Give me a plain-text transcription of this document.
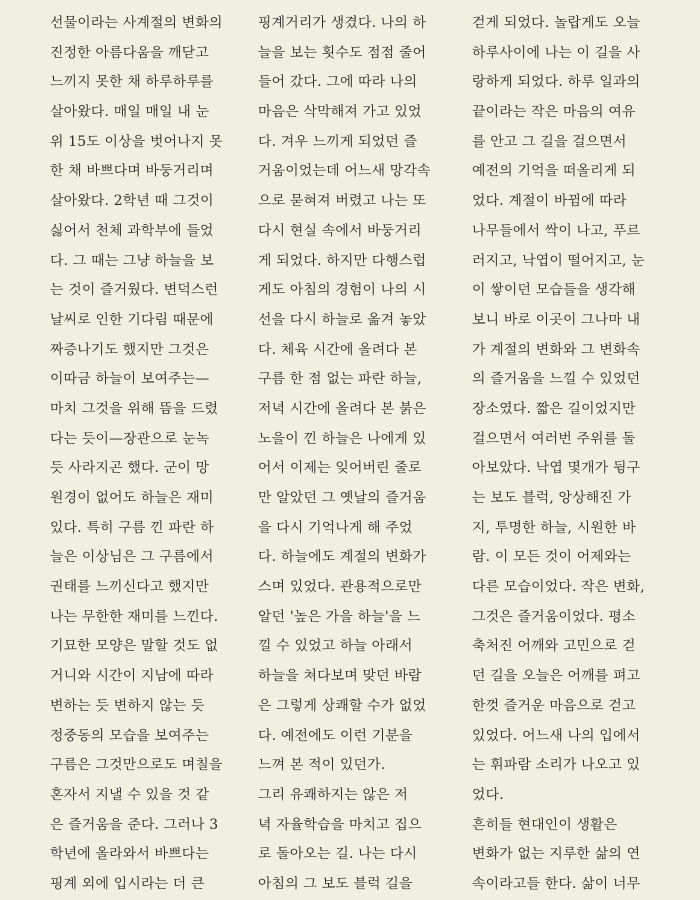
선물이라는 사계절의 변화의
진정한 아름다움을 깨닫고
느끼지 못한 채 하루하루를
살아왔다. 매일 매일 내 눈
위 15도 이상을 벗어나지 못
한 채 바쁘다며 바둥거리며
살아왔다. 2학년 때 그것이
싫어서 천체 과학부에 들었
다. 그 때는 그냥 하늘을 보
는 것이 즐거웠다. 변덕스런
날씨로 인한 기다림 때문에
짜증나기도 했지만 그것은
이따금 하늘이 보여주는—
마치 그것을 위해 뜸을 드렸
다는 듯이—장관으로 눈녹
듯 사라지곤 했다. 군이 망
원경이 없어도 하늘은 재미
있다. 특히 구름 낀 파란 하
늘은 이상님은 그 구름에서
권태를 느끼신다고 했지만
나는 무한한 재미를 느낀다.
기묘한 모양은 말할 것도 없
거니와 시간이 지남에 따라
변하는 듯 변하지 않는 듯
정중동의 모습을 보여주는
구름은 그것만으로도 며칠을
혼자서 지낼 수 있을 것 같
은 즐거움을 준다. 그러나 3
학년에 올라와서 바쁘다는
핑계 외에 입시라는 더 큰
핑계거리가 생겼다. 나의 하
늘을 보는 횟수도 점점 줄어
들어 갔다. 그에 따라 나의
마음은 삭막해져 가고 있었
다. 겨우 느끼게 되었던 즐
거움이었는데 어느새 망각속
으로 묻혀져 버렸고 나는 또
다시 현실 속에서 바둥거리
게 되었다. 하지만 다행스럽
게도 아침의 경험이 나의 시
선을 다시 하늘로 옮겨 놓았
다. 체육 시간에 올려다 본
구름 한 점 없는 파란 하늘,
저녁 시간에 올려다 본 붉은
노을이 낀 하늘은 나에게 있
어서 이제는 잊어버린 줄로
만 알았던 그 옛날의 즐거움
을 다시 기억나게 해 주었
다. 하늘에도 계절의 변화가
스며 있었다. 관용적으로만
알던 '높은 가을 하늘'을 느
낄 수 있었고 하늘 아래서
하늘을 쳐다보며 맞던 바람
은 그렇게 상쾌할 수가 없었
다. 예전에도 이런 기분을
느껴 본 적이 있던가.
그리 유쾌하지는 않은 저
녁 자율학습을 마치고 집으
로 돌아오는 길. 나는 다시
아침의 그 보도 블럭 길을
걷게 되었다. 놀랍게도 오늘
하루사이에 나는 이 길을 사
랑하게 되었다. 하루 일과의
끝이라는 작은 마음의 여유
를 안고 그 길을 걸으면서
예전의 기억을 떠올리게 되
었다. 계절이 바뀜에 따라
나무들에서 싹이 나고, 푸르
러지고, 낙엽이 떨어지고, 눈
이 쌓이던 모습들을 생각해
보니 바로 이곳이 그나마 내
가 계절의 변화와 그 변화속
의 즐거움을 느낄 수 있었던
장소였다. 짧은 길이었지만
걸으면서 여러번 주위를 돌
아보았다. 낙엽 몇개가 뒹구
는 보도 블럭, 앙상해진 가
지, 투명한 하늘, 시원한 바
람. 이 모든 것이 어제와는
다른 모습이었다. 작은 변화,
그것은 즐거움이었다. 평소
축처진 어깨와 고민으로 걷
던 길을 오늘은 어깨를 펴고
한껏 즐거운 마음으로 걷고
있었다. 어느새 나의 입에서
는 휘파람 소리가 나오고 있
었다.
흔히들 현대인이 생활은
변화가 없는 지루한 삶의 연
속이라고들 한다. 삶이 너무
